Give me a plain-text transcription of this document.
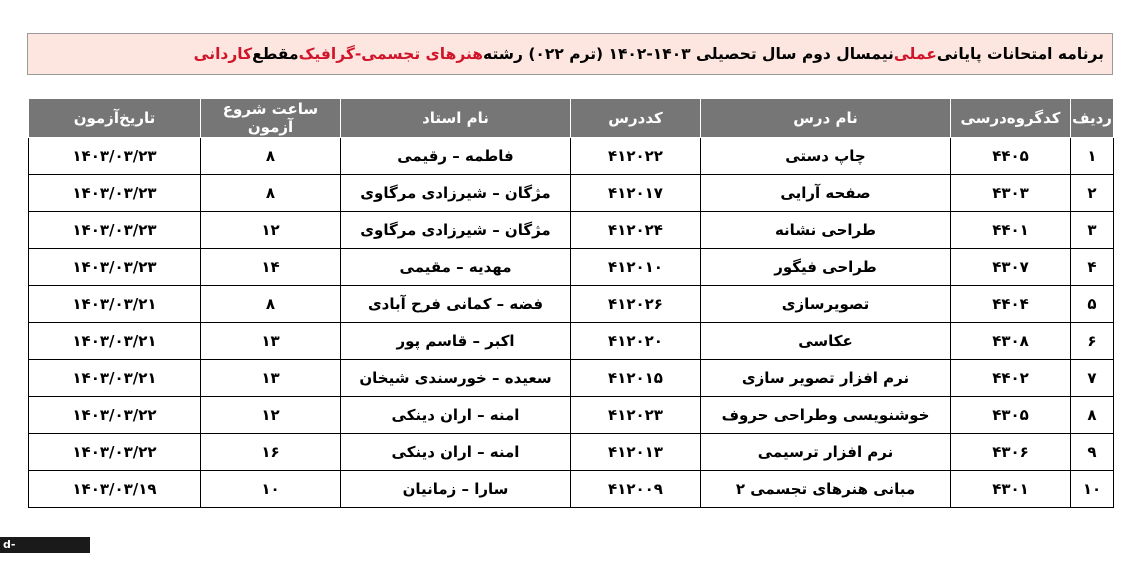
برنامه امتحانات پایانی
عملی
نیمسال دوم سال تحصیلی ۱۴۰۳-۱۴۰۲ (ترم ۰۲۲) رشته
هنرهای تجسمی-گرافیک
مقطع
کاردانی
ردیف	کدگروه‌درسی	نام درس	کددرس	نام استاد	ساعت شروع آزمون	تاریخ‌آزمون
۱	۴۴۰۵	چاپ دستی	۴۱۲۰۲۲	فاطمه – رقیمی	۸	۱۴۰۳/۰۳/۲۳
۲	۴۳۰۳	صفحه آرایی	۴۱۲۰۱۷	مژگان – شیرزادی مرگاوی	۸	۱۴۰۳/۰۳/۲۳
۳	۴۴۰۱	طراحی نشانه	۴۱۲۰۲۴	مژگان – شیرزادی مرگاوی	۱۲	۱۴۰۳/۰۳/۲۳
۴	۴۳۰۷	طراحی فیگور	۴۱۲۰۱۰	مهدیه – مقیمی	۱۴	۱۴۰۳/۰۳/۲۳
۵	۴۴۰۴	تصویرسازی	۴۱۲۰۲۶	فضه – کمانی فرح آبادی	۸	۱۴۰۳/۰۳/۲۱
۶	۴۳۰۸	عکاسی	۴۱۲۰۲۰	اکبر – قاسم پور	۱۳	۱۴۰۳/۰۳/۲۱
۷	۴۴۰۲	نرم افزار تصویر سازی	۴۱۲۰۱۵	سعیده – خورسندی شیخان	۱۳	۱۴۰۳/۰۳/۲۱
۸	۴۳۰۵	خوشنویسی وطراحی حروف	۴۱۲۰۲۳	امنه – اران دینکی	۱۲	۱۴۰۳/۰۳/۲۲
۹	۴۳۰۶	نرم افزار ترسیمی	۴۱۲۰۱۳	امنه – اران دینکی	۱۶	۱۴۰۳/۰۳/۲۲
۱۰	۴۳۰۱	مبانی هنرهای تجسمی ۲	۴۱۲۰۰۹	سارا – زمانیان	۱۰	۱۴۰۳/۰۳/۱۹
d-sari.tvu.ac.ir
